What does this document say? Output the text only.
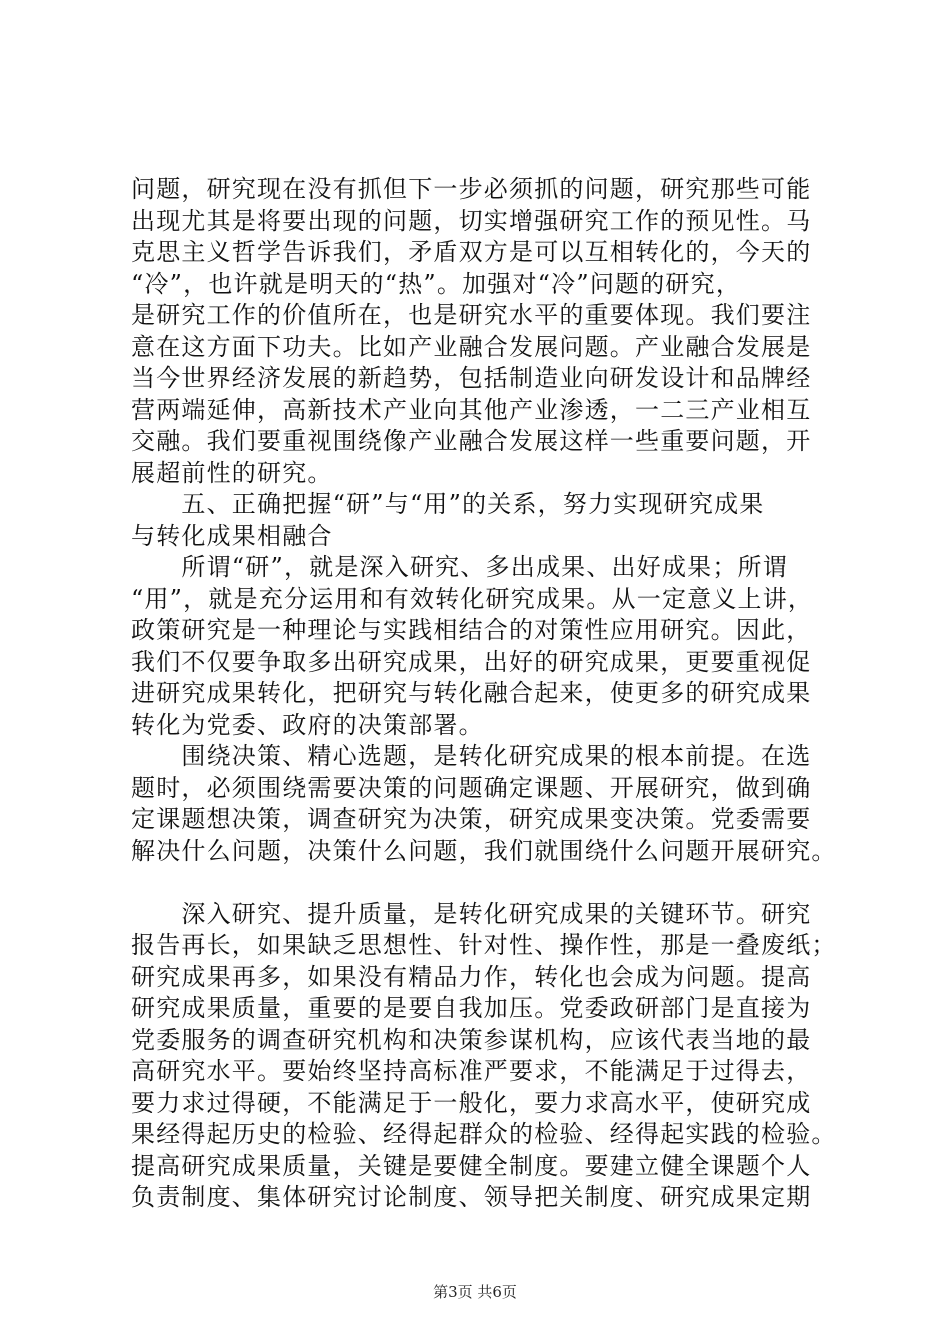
问题，研究现在没有抓但下一步必须抓的问题，研究那些可能
出现尤其是将要出现的问题，切实增强研究工作的预见性。马
克思主义哲学告诉我们，矛盾双方是可以互相转化的，今天的
“冷”，也许就是明天的“热”。加强对“冷”问题的研究，
是研究工作的价值所在，也是研究水平的重要体现。我们要注
意在这方面下功夫。比如产业融合发展问题。产业融合发展是
当今世界经济发展的新趋势，包括制造业向研发设计和品牌经
营两端延伸，高新技术产业向其他产业渗透，一二三产业相互
交融。我们要重视围绕像产业融合发展这样一些重要问题，开
展超前性的研究。
　　五、正确把握“研”与“用”的关系，努力实现研究成果
与转化成果相融合
　　所谓“研”，就是深入研究、多出成果、出好成果；所谓
“用”，就是充分运用和有效转化研究成果。从一定意义上讲，
政策研究是一种理论与实践相结合的对策性应用研究。因此，
我们不仅要争取多出研究成果，出好的研究成果，更要重视促
进研究成果转化，把研究与转化融合起来，使更多的研究成果
转化为党委、政府的决策部署。
　　围绕决策、精心选题，是转化研究成果的根本前提。在选
题时，必须围绕需要决策的问题确定课题、开展研究，做到确
定课题想决策，调查研究为决策，研究成果变决策。党委需要
解决什么问题，决策什么问题，我们就围绕什么问题开展研究。
　　深入研究、提升质量，是转化研究成果的关键环节。研究
报告再长，如果缺乏思想性、针对性、操作性，那是一叠废纸；
研究成果再多，如果没有精品力作，转化也会成为问题。提高
研究成果质量，重要的是要自我加压。党委政研部门是直接为
党委服务的调查研究机构和决策参谋机构，应该代表当地的最
高研究水平。要始终坚持高标准严要求，不能满足于过得去，
要力求过得硬，不能满足于一般化，要力求高水平，使研究成
果经得起历史的检验、经得起群众的检验、经得起实践的检验。
提高研究成果质量，关键是要健全制度。要建立健全课题个人
负责制度、集体研究讨论制度、领导把关制度、研究成果定期
第3页 共6页
